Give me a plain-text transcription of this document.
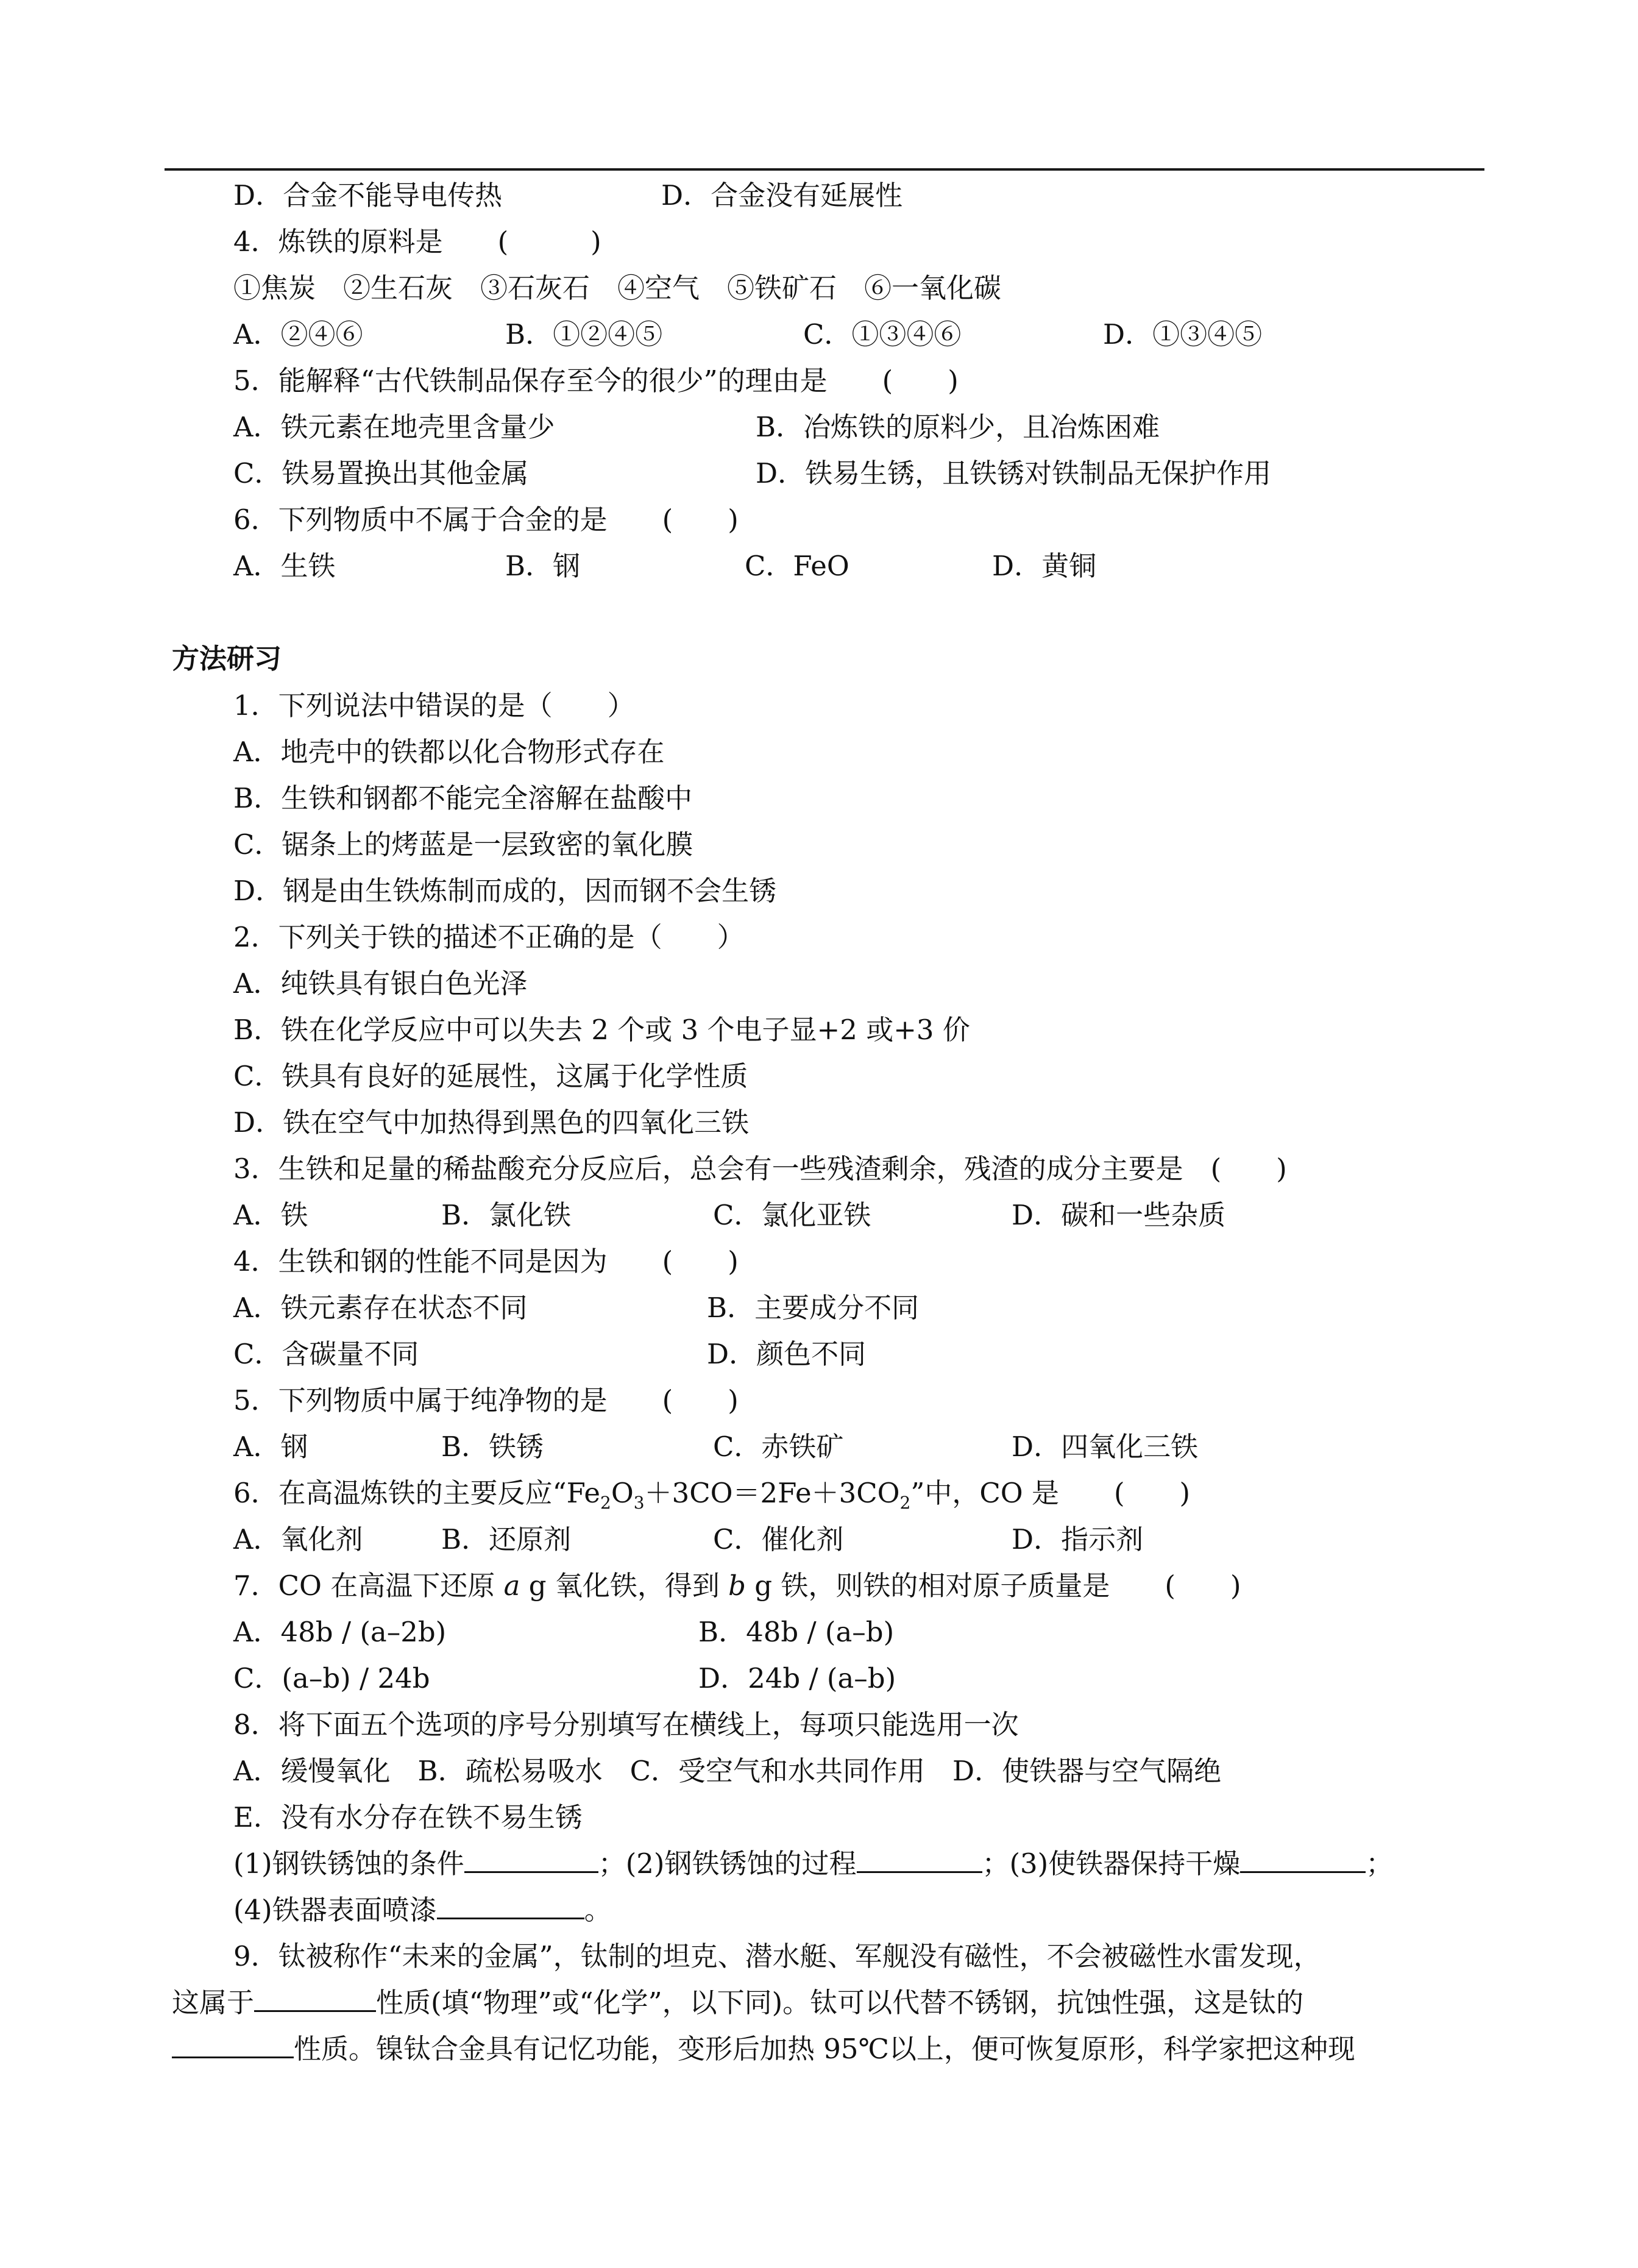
D．合金不能导电传热	D．合金没有延展性
4．炼铁的原料是　　(　　　)
①焦炭　②生石灰　③石灰石　④空气　⑤铁矿石　⑥一氧化碳
A．②④⑥	B．①②④⑤	C．①③④⑥	D．①③④⑤
5．能解释“古代铁制品保存至今的很少”的理由是　　(　　)
A．铁元素在地壳里含量少	B．冶炼铁的原料少，且冶炼困难
C．铁易置换出其他金属	D．铁易生锈，且铁锈对铁制品无保护作用
6．下列物质中不属于合金的是　　(　　)
A．生铁	B．钢	C．FeO	D．黄铜
方法研习
1．下列说法中错误的是（　　）
A．地壳中的铁都以化合物形式存在
B．生铁和钢都不能完全溶解在盐酸中
C．锯条上的烤蓝是一层致密的氧化膜
D．钢是由生铁炼制而成的，因而钢不会生锈
2．下列关于铁的描述不正确的是（　　）
A．纯铁具有银白色光泽
B．铁在化学反应中可以失去 2 个或 3 个电子显+2 或+3 价
C．铁具有良好的延展性，这属于化学性质
D．铁在空气中加热得到黑色的四氧化三铁
3．生铁和足量的稀盐酸充分反应后，总会有一些残渣剩余，残渣的成分主要是　(　　)
A．铁	B．氯化铁	C．氯化亚铁	D．碳和一些杂质
4．生铁和钢的性能不同是因为　　(　　)
A．铁元素存在状态不同	B．主要成分不同
C．含碳量不同	D．颜色不同
5．下列物质中属于纯净物的是　　(　　)
A．钢	B．铁锈	C．赤铁矿	D．四氧化三铁
6．在高温炼铁的主要反应“$Fe_2O_3+3CO=2Fe+3CO_2$”中，CO 是　　(　　)
A．氧化剂	B．还原剂	C．催化剂	D．指示剂
7．CO 在高温下还原 a g 氧化铁，得到 b g 铁，则铁的相对原子质量是　　(　　)
A．48b / (a–2b)	B．48b / (a–b)
C．(a–b) / 24b	D．24b / (a–b)
8．将下面五个选项的序号分别填写在横线上，每项只能选用一次
A．缓慢氧化　B．疏松易吸水　C．受空气和水共同作用　D．使铁器与空气隔绝
E．没有水分存在铁不易生锈
(1)钢铁锈蚀的条件	；(2)钢铁锈蚀的过程	；(3)使铁器保持干燥	；
(4)铁器表面喷漆	。
9．钛被称作“未来的金属”，钛制的坦克、潜水艇、军舰没有磁性，不会被磁性水雷发现，
这属于	性质(填“物理”或“化学”，以下同)。钛可以代替不锈钢，抗蚀性强，这是钛的
性质。镍钛合金具有记忆功能，变形后加热 95℃以上，便可恢复原形，科学家把这种现
